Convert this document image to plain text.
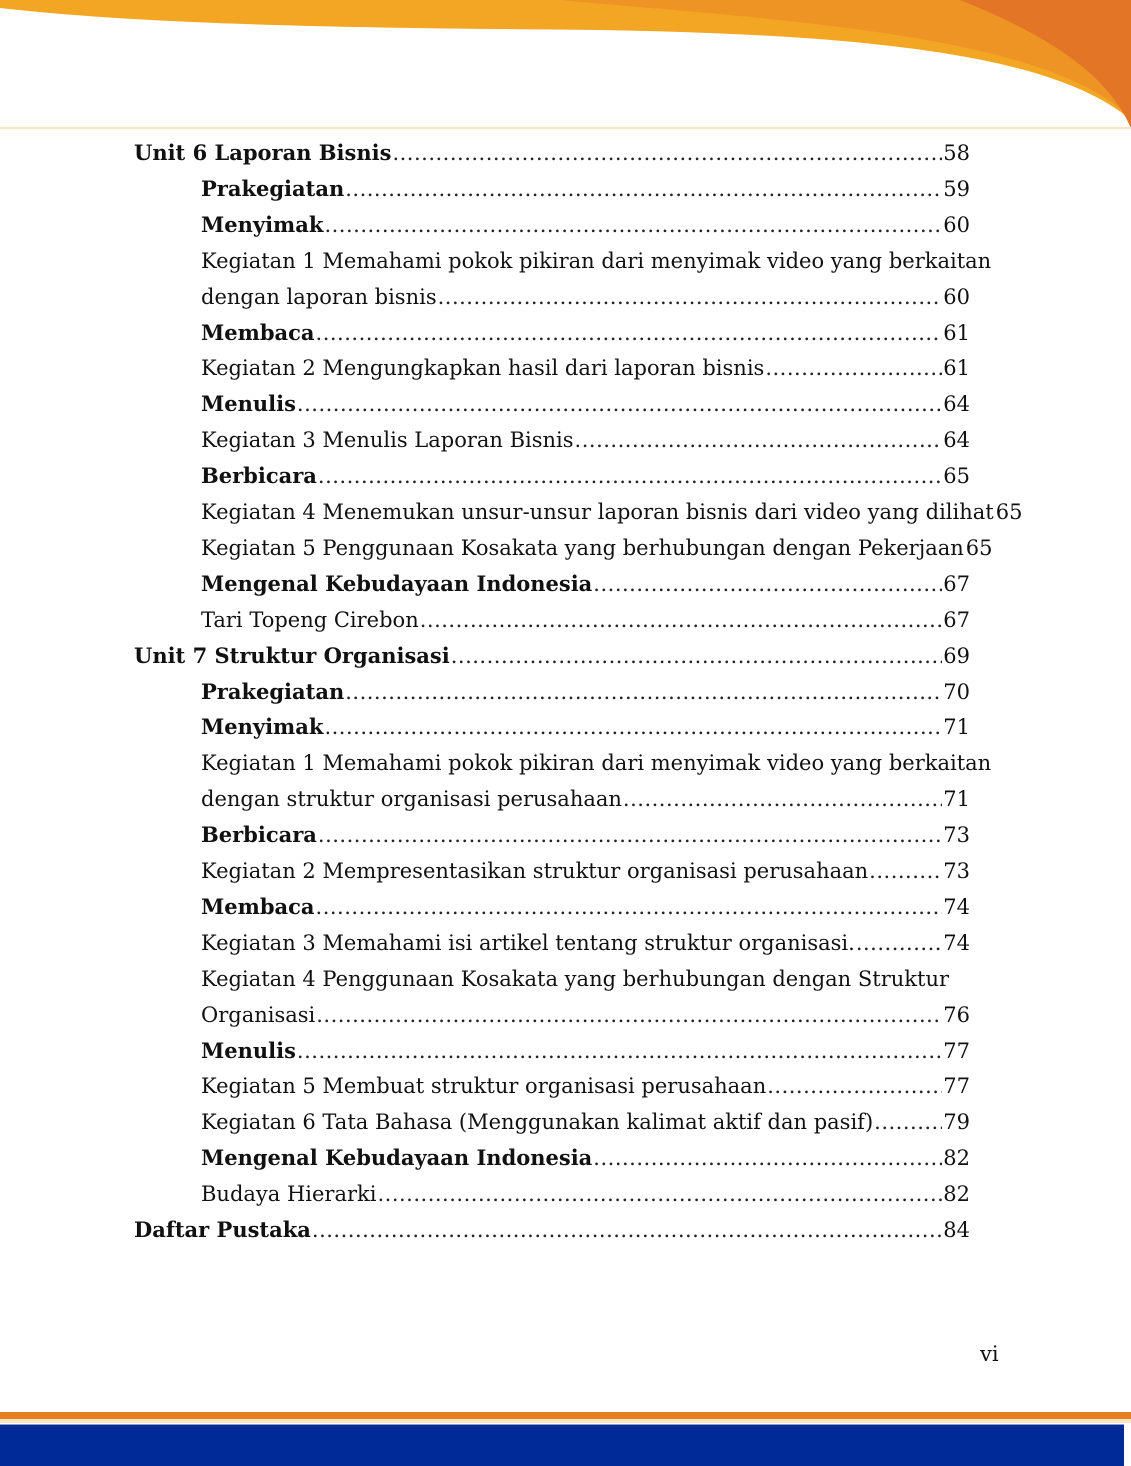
Unit 6 Laporan Bisnis .....	58
Prakegiatan .....	59
Menyimak .....	60
Kegiatan 1 Memahami pokok pikiran dari menyimak video yang berkaitan
dengan laporan bisnis .....	60
Membaca .....	61
Kegiatan 2 Mengungkapkan hasil dari laporan bisnis .....	61
Menulis .....	64
Kegiatan 3 Menulis Laporan Bisnis .....	64
Berbicara .....	65
Kegiatan 4 Menemukan unsur-unsur laporan bisnis dari video yang dilihat 65
Kegiatan 5 Penggunaan Kosakata yang berhubungan dengan Pekerjaan 65
Mengenal Kebudayaan Indonesia .....	67
Tari Topeng Cirebon .....	67
Unit 7 Struktur Organisasi .....	69
Prakegiatan .....	70
Menyimak .....	71
Kegiatan 1 Memahami pokok pikiran dari menyimak video yang berkaitan
dengan struktur organisasi perusahaan .....	71
Berbicara .....	73
Kegiatan 2 Mempresentasikan struktur organisasi perusahaan .....	73
Membaca .....	74
Kegiatan 3 Memahami isi artikel tentang struktur organisasi. .....	74
Kegiatan 4 Penggunaan Kosakata yang berhubungan dengan Struktur
Organisasi .....	76
Menulis .....	77
Kegiatan 5 Membuat struktur organisasi perusahaan .....	77
Kegiatan 6 Tata Bahasa (Menggunakan kalimat aktif dan pasif) .....	79
Mengenal Kebudayaan Indonesia .....	82
Budaya Hierarki .....	82
Daftar Pustaka .....	84
vi
